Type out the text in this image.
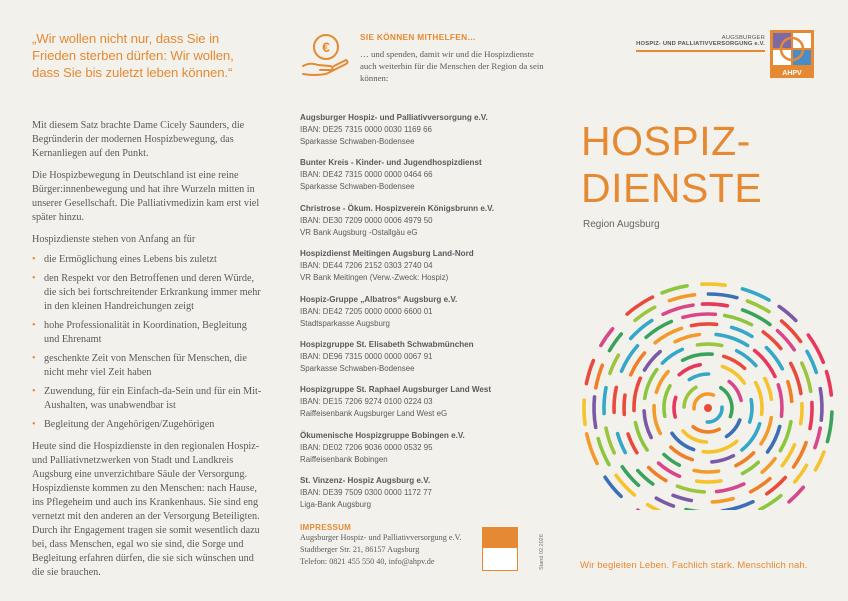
„Wir wollen nicht nur, dass Sie in Frieden sterben dürfen: Wir wollen, dass Sie bis zuletzt leben können.“

Mit diesem Satz brachte Dame Cicely Saunders, die Begründerin der modernen Hospizbewegung, das Kernanliegen auf den Punkt.

Die Hospizbewegung in Deutschland ist eine reine Bürger:innenbewegung und hat ihre Wurzeln mitten in unserer Gesellschaft. Die Palliativmedizin kam erst viel später hinzu.

Hospizdienste stehen von Anfang an für

• die Ermöglichung eines Lebens bis zuletzt
• den Respekt vor den Betroffenen und deren Würde, die sich bei fortschreitender Erkrankung immer mehr in den kleinen Handreichungen zeigt
• hohe Professionalität in Koordination, Begleitung und Ehrenamt
• geschenkte Zeit von Menschen für Menschen, die nicht mehr viel Zeit haben
• Zuwendung, für ein Einfach-da-Sein und für ein Mit-Aushalten, was unabwendbar ist
• Begleitung der Angehörigen/Zugehörigen

Heute sind die Hospizdienste in den regionalen Hospiz- und Palliativnetzwerken von Stadt und Landkreis Augsburg eine unverzichtbare Säule der Versorgung. Hospizdienste kommen zu den Menschen: nach Hause, ins Pflegeheim und auch ins Krankenhaus. Sie sind eng vernetzt mit den anderen an der Versorgung Beteiligten. Durch ihr Engagement tragen sie somit wesentlich dazu bei, dass Menschen, egal wo sie sind, die Sorge und Begleitung erfahren dürfen, die sie sich wünschen und die sie brauchen.

€
SIE KÖNNEN MITHELFEN…
… und spenden, damit wir und die Hospizdienste auch weiterhin für die Menschen der Region da sein können:
Augsburger Hospiz- und Palliativversorgung e.V.
IBAN: DE25 7315 0000 0030 1169 66
Sparkasse Schwaben-Bodensee
Bunter Kreis - Kinder- und Jugendhospizdienst
IBAN: DE42 7315 0000 0000 0464 66
Sparkasse Schwaben-Bodensee
Christrose - Ökum. Hospizverein Königsbrunn e.V.
IBAN: DE30 7209 0000 0006 4979 50
VR Bank Augsburg -Ostallgäu eG
Hospizdienst Meitingen Augsburg Land-Nord
IBAN: DE44 7206 2152 0303 2740 04
VR Bank Meitingen (Verw.-Zweck: Hospiz)
Hospiz-Gruppe „Albatros“ Augsburg e.V.
IBAN: DE42 7205 0000 0000 6600 01
Stadtsparkasse Augsburg
Hospizgruppe St. Elisabeth Schwabmünchen
IBAN: DE96 7315 0000 0000 0067 91
Sparkasse Schwaben-Bodensee
Hospizgruppe St. Raphael Augsburger Land West
IBAN: DE15 7206 9274 0100 0224 03
Raiffeisenbank Augsburger Land West eG
Ökumenische Hospizgruppe Bobingen e.V.
IBAN: DE02 7206 9036 0000 0532 95
Raiffeisenbank Bobingen
St. Vinzenz- Hospiz Augsburg e.V.
IBAN: DE39 7509 0300 0000 1172 77
Liga-Bank Augsburg
IMPRESSUM
Augsburger Hospiz- und Palliativversorgung e.V.
Stadtberger Str. 21, 86157 Augsburg
Telefon: 0821 455 550 40, info@ahpv.de	Stand 02.2026
AUGSBURGER
HOSPIZ- UND PALLIATIVVERSORGUNG e.V.
AHPV
HOSPIZ-
DIENSTE
Region Augsburg
Wir begleiten Leben. Fachlich stark. Menschlich nah.
